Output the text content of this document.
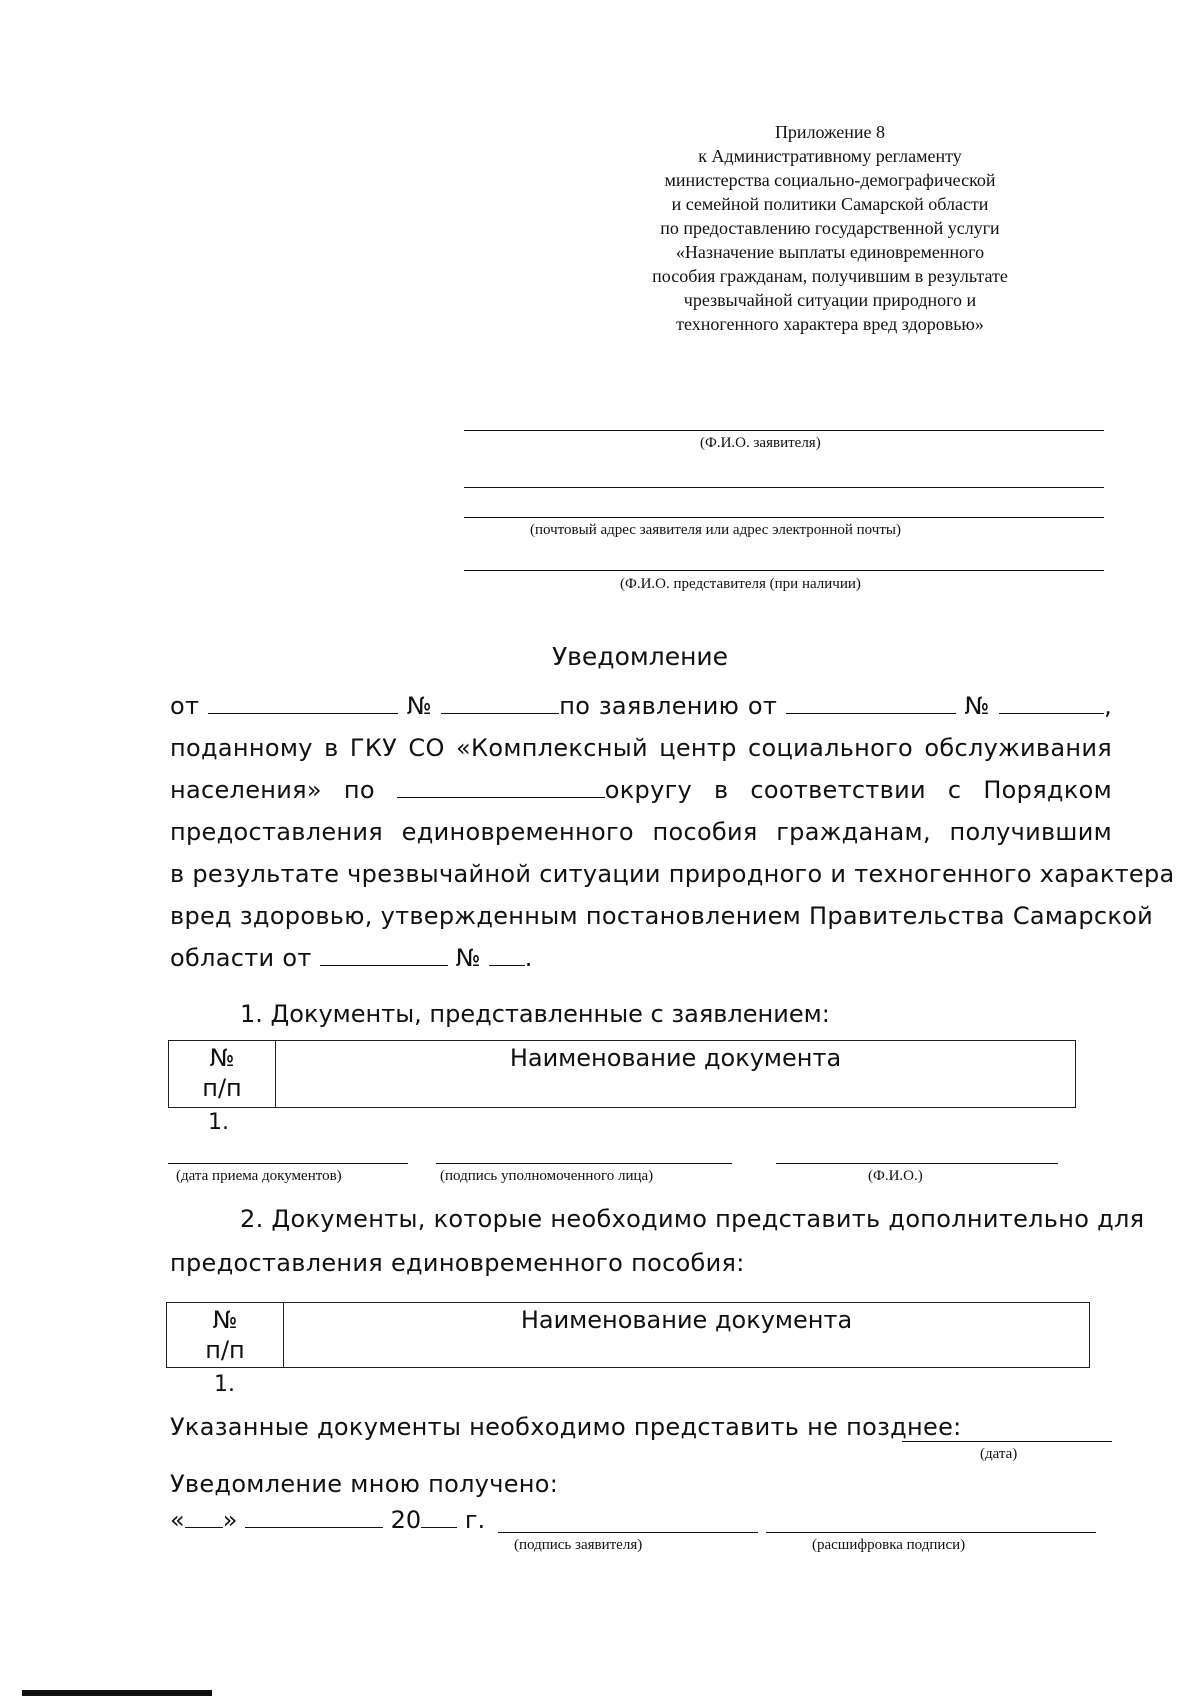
Приложение 8
к Административному регламенту
министерства социально-демографической
и семейной политики Самарской области
по предоставлению государственной услуги
«Назначение выплаты единовременного
пособия гражданам, получившим в результате
чрезвычайной ситуации природного и
техногенного характера вред здоровью»
(Ф.И.О. заявителя)
(почтовый адрес заявителя или адрес электронной почты)
(Ф.И.О. представителя (при наличии)
Уведомление
от	№	по заявлению от	№	,
поданному в ГКУ СО «Комплексный центр социального обслуживания
населения» по	округу в соответствии с Порядком
предоставления единовременного пособия гражданам, получившим
в результате чрезвычайной ситуации природного и техногенного характера
вред здоровью, утвержденным постановлением Правительства Самарской
области от	№ .
1. Документы, представленные с заявлением:
№
п/п	Наименование документа
1.
(дата приема документов)	(подпись уполномоченного лица)	(Ф.И.О.)
2. Документы, которые необходимо представить дополнительно для
предоставления единовременного пособия:
№
п/п	Наименование документа
1.
Указанные документы необходимо представить не позднее:
(дата)
Уведомление мною получено:
« »	20 г.
(подпись заявителя)	(расшифровка подписи)
